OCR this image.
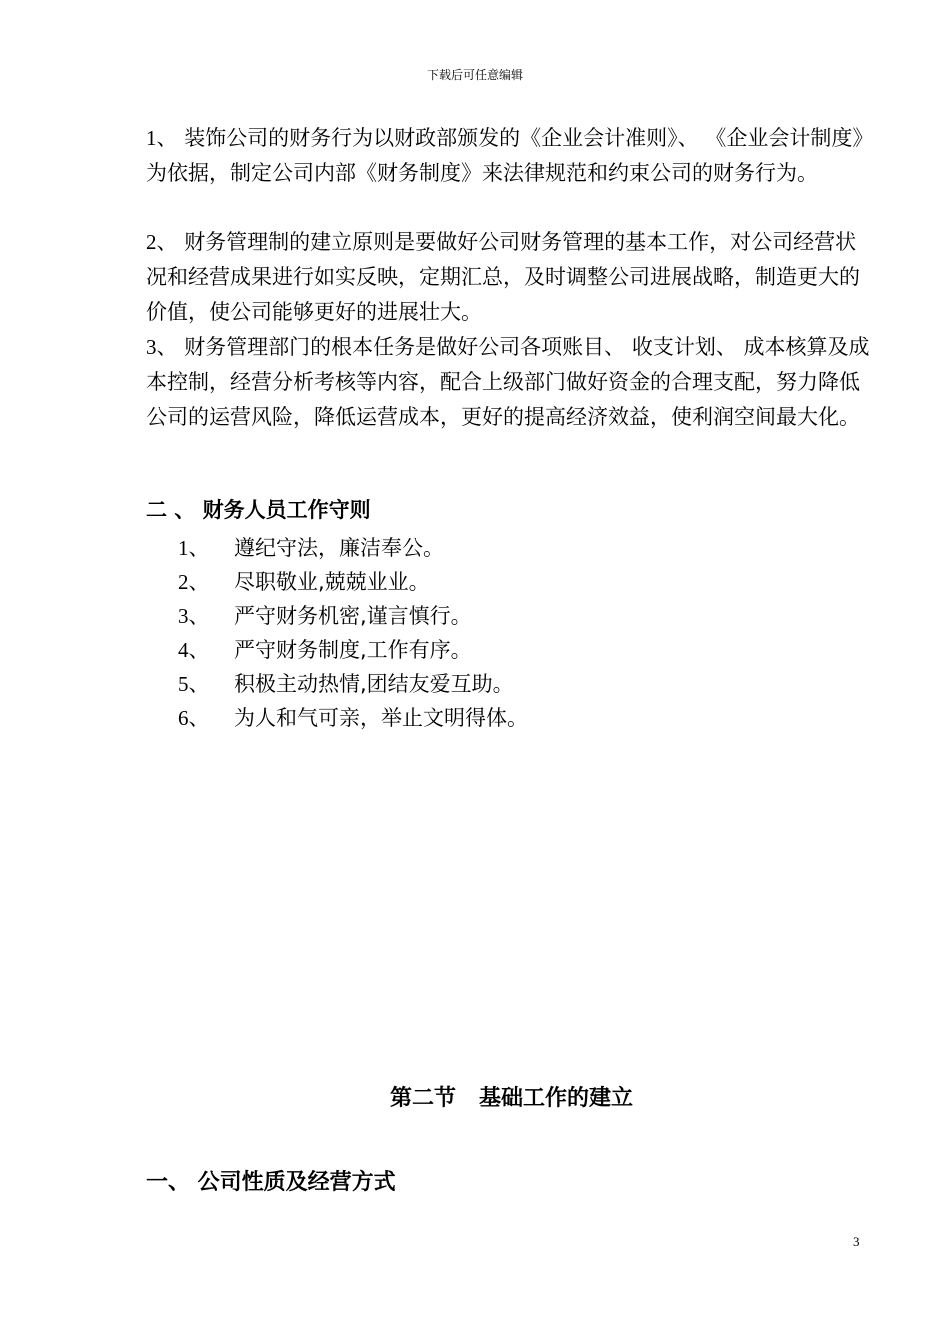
下载后可任意编辑

1、 装饰公司的财务行为以财政部颁发的《企业会计准则》、 《企业会计制度》为依据，制定公司内部《财务制度》来法律规范和约束公司的财务行为。

2、 财务管理制的建立原则是要做好公司财务管理的基本工作，对公司经营状况和经营成果进行如实反映，定期汇总，及时调整公司进展战略，制造更大的价值，使公司能够更好的进展壮大。

3、 财务管理部门的根本任务是做好公司各项账目、 收支计划、 成本核算及成本控制，经营分析考核等内容，配合上级部门做好资金的合理支配，努力降低公司的运营风险，降低运营成本，更好的提高经济效益，使利润空间最大化。

二 、 财务人员工作守则
1、 遵纪守法，廉洁奉公。
2、 尽职敬业,兢兢业业。
3、 严守财务机密,谨言慎行。
4、 严守财务制度,工作有序。
5、 积极主动热情,团结友爱互助。
6、 为人和气可亲，举止文明得体。
第二节   基础工作的建立
一、 公司性质及经营方式
3
